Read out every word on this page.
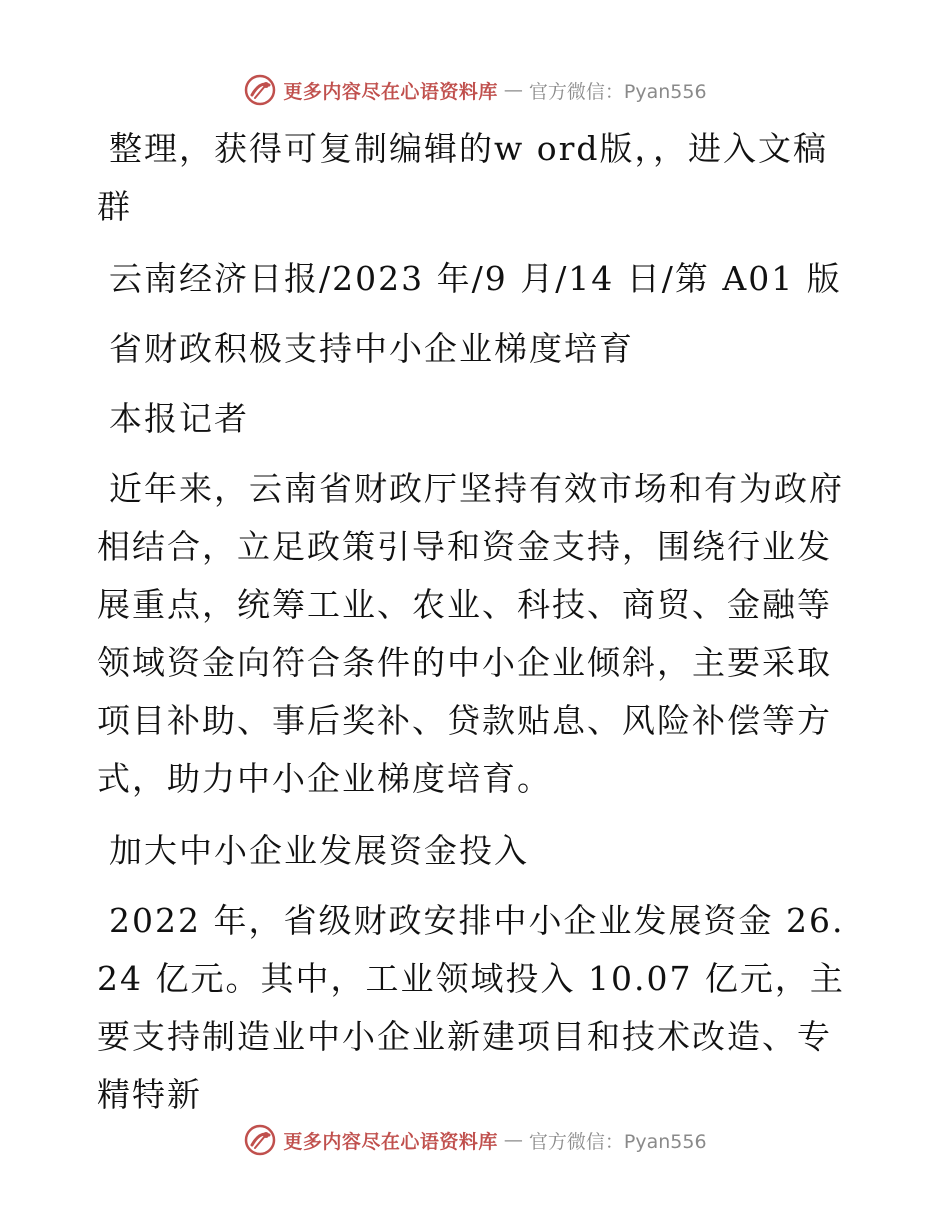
更多内容尽在心语资料库 — 官方微信：Pyan556

整理，获得可复制编辑的w ord版，，进入文稿群

云南经济日报/2023 年/9 月/14 日/第 A01 版

省财政积极支持中小企业梯度培育

本报记者

近年来，云南省财政厅坚持有效市场和有为政府相结合，立足政策引导和资金支持，围绕行业发展重点，统筹工业、农业、科技、商贸、金融等领域资金向符合条件的中小企业倾斜，主要采取项目补助、事后奖补、贷款贴息、风险补偿等方式，助力中小企业梯度培育。

加大中小企业发展资金投入

2022 年，省级财政安排中小企业发展资金 26.24 亿元。其中，工业领域投入 10.07 亿元，主要支持制造业中小企业新建项目和技术改造、专精特新

更多内容尽在心语资料库 — 官方微信：Pyan556
